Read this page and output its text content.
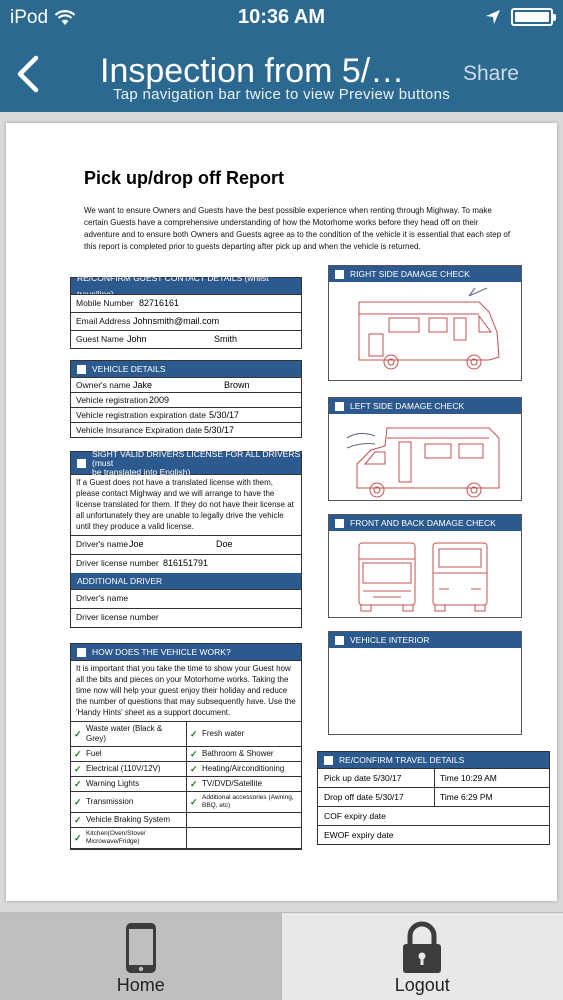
iPod	10:36 AM
Inspection from 5/…	Share
Tap navigation bar twice to view Preview buttons
Pick up/drop off Report
We want to ensure Owners and Guests have the best possible experience when renting through Mighway. To make certain Guests have a comprehensive understanding of how the Motorhome works before they head off on their adventure and to ensure both Owners and Guests agree as to the condition of the vehicle it is essential that each step of this report is completed prior to guests departing after pick up and when the vehicle is returned.
RE/CONFIRM GUEST CONTACT DETAILS (whilst travelling)
Mobile Number 82716161
Email Address Johnsmith@mail.com
Guest Name John	Smith
VEHICLE DETAILS
Owner's name Jake	Brown
Vehicle registration 2009
Vehicle registration expiration date 5/30/17
Vehicle Insurance Expiration date 5/30/17
SIGHT VALID DRIVERS LICENSE FOR ALL DRIVERS (must
be translated into English)
If a Guest does not have a translated license with them, please contact Mighway and we will arrange to have the license translated for them. If they do not have their license at all unfortunately they are unable to legally drive the vehicle until they produce a valid license.
Driver's name Joe	Doe
Driver license number 816151791
ADDITIONAL DRIVER
Driver's name
Driver license number
HOW DOES THE VEHICLE WORK?
It is important that you take the time to show your Guest how all the bits and pieces on your Motorhome works. Taking the time now will help your guest enjoy their holiday and reduce the number of questions that may subsequently have. Use the 'Handy Hints' sheet as a support document.
✓ Waste water (Black & Grey)	✓ Fresh water
✓ Fuel	✓ Bathroom & Shower
✓ Electrical (110V/12V)	✓ Heating/Airconditioning
✓ Warning Lights	✓ TV/DVD/Satellite
✓ Transmission	✓ Additional accessories (Awning, BBQ, etc)
✓ Vehicle Braking System
✓ Kitchen(Oven/Stove/ Microwave/Fridge)
RIGHT SIDE DAMAGE CHECK
LEFT SIDE DAMAGE CHECK
FRONT AND BACK DAMAGE CHECK
VEHICLE INTERIOR
RE/CONFIRM TRAVEL DETAILS
Pick up date 5/30/17	Time 10:29 AM
Drop off date 5/30/17	Time 6:29 PM
COF expiry date
EWOF expiry date
Home	Logout
